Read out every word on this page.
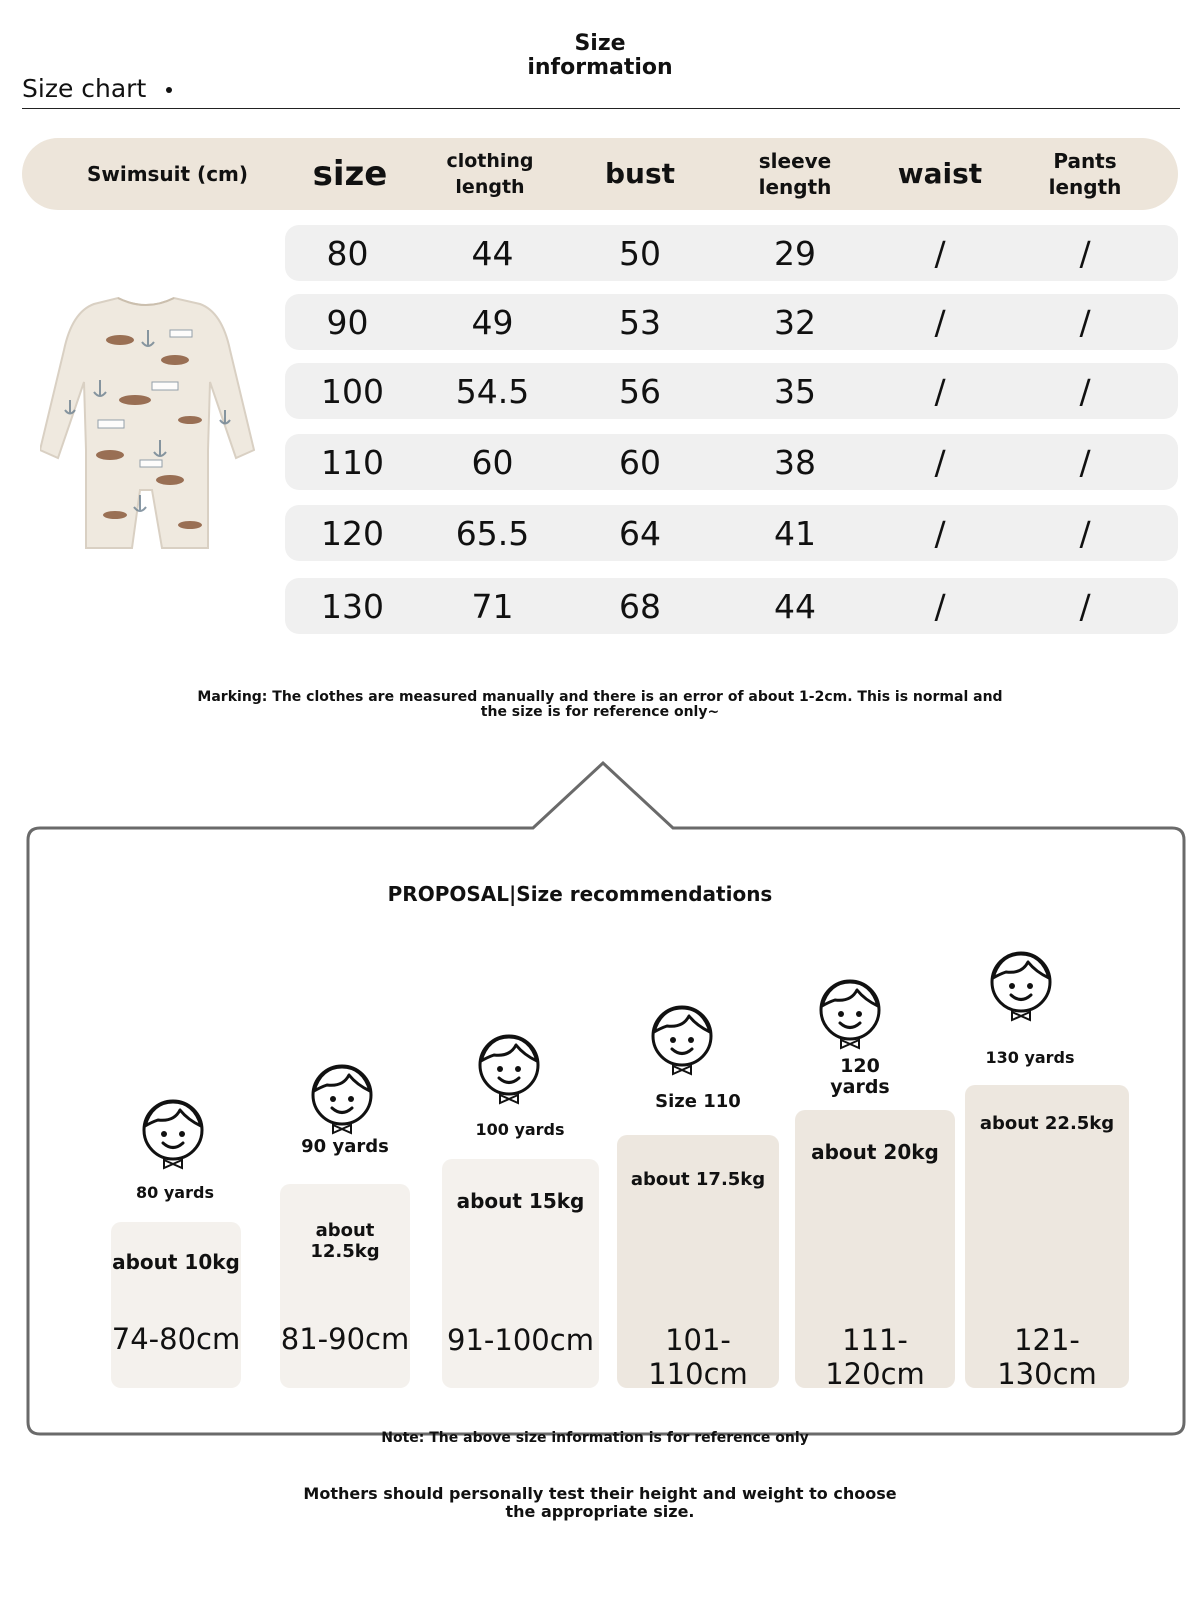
Size
information
Size chart
Swimsuit (cm)	size	clothing length	bust	sleeve length	waist	Pants length
80	44	50	29	/	/
90	49	53	32	/	/
100	54.5	56	35	/	/
110	60	60	38	/	/
120	65.5	64	41	/	/
130	71	68	44	/	/
Marking: The clothes are measured manually and there is an error of about 1-2cm. This is normal and the size is for reference only~
PROPOSAL|Size recommendations
about 10kg
74-80cm
about 12.5kg
81-90cm
about 15kg
91-100cm
about 17.5kg
101-110cm
about 20kg
111-120cm
about 22.5kg
121-130cm
80 yards
90 yards
100 yards
Size 110
120 yards
130 yards
Note: The above size information is for reference only
Mothers should personally test their height and weight to choose the appropriate size.
